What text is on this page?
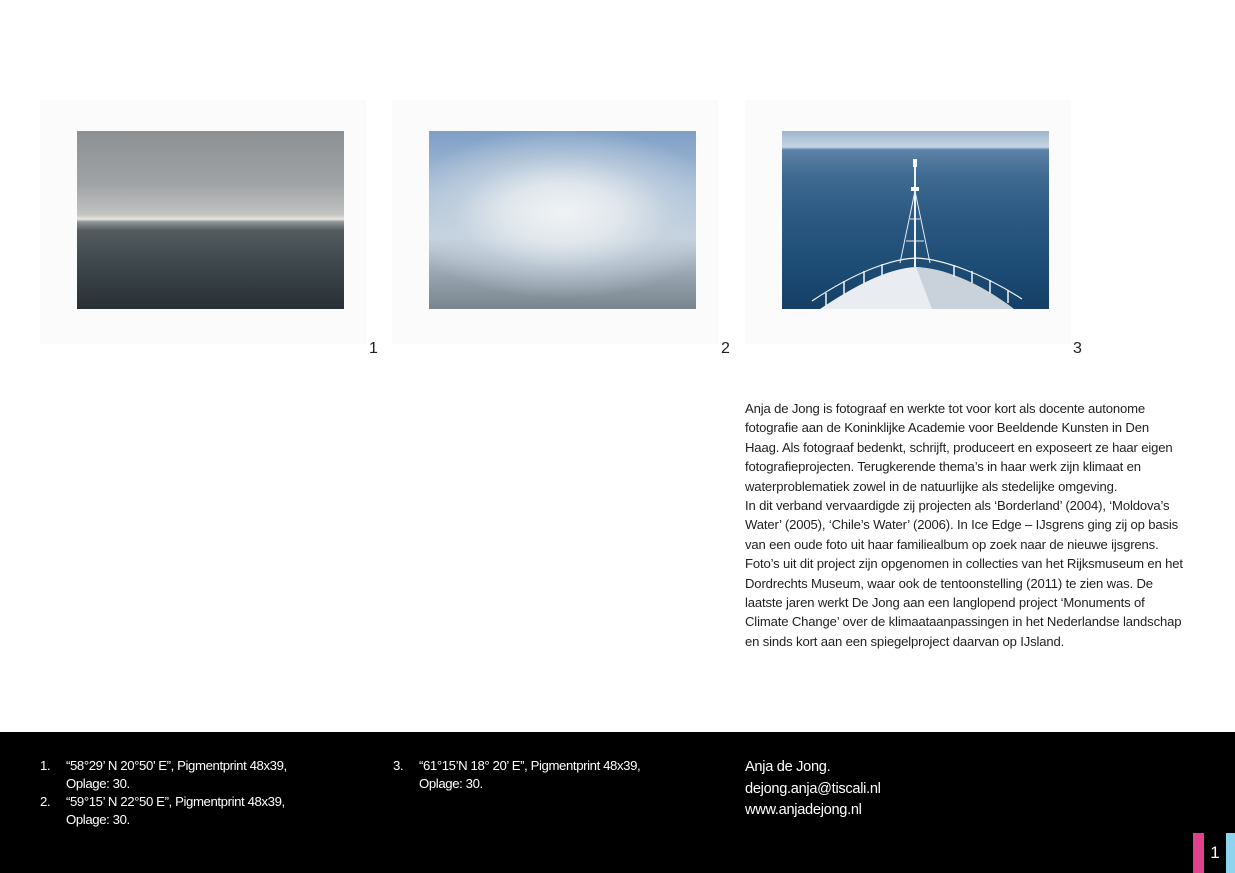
1	2	3

Anja de Jong is fotograaf en werkte tot voor kort als docente autonome fotografie aan de Koninklijke Academie voor Beeldende Kunsten in Den Haag. Als fotograaf bedenkt, schrijft, produceert en exposeert ze haar eigen fotografieprojecten. Terugkerende thema’s in haar werk zijn klimaat en waterproblematiek zowel in de natuurlijke als stedelijke omgeving.

In dit verband vervaardigde zij projecten als ‘Borderland’ (2004), ‘Moldova’s Water’ (2005), ‘Chile’s Water’ (2006). In Ice Edge – IJsgrens ging zij op basis van een oude foto uit haar familiealbum op zoek naar de nieuwe ijsgrens. Foto’s uit dit project zijn opgenomen in collecties van het Rijksmuseum en het Dordrechts Museum, waar ook de tentoonstelling (2011) te zien was. De laatste jaren werkt De Jong aan een langlopend project ‘Monuments of Climate Change’ over de klimaataanpassingen in het Nederlandse landschap en sinds kort aan een spiegelproject daarvan op IJsland.

1. “58°29’ N 20°50’ E”, Pigmentprint 48x39,
Oplage: 30.
2. “59°15’ N 22°50 E”, Pigmentprint 48x39,
Oplage: 30.
3. “61°15’N 18° 20’ E”, Pigmentprint 48x39,
Oplage: 30.
Anja de Jong.
dejong.anja@tiscali.nl
www.anjadejong.nl
1
